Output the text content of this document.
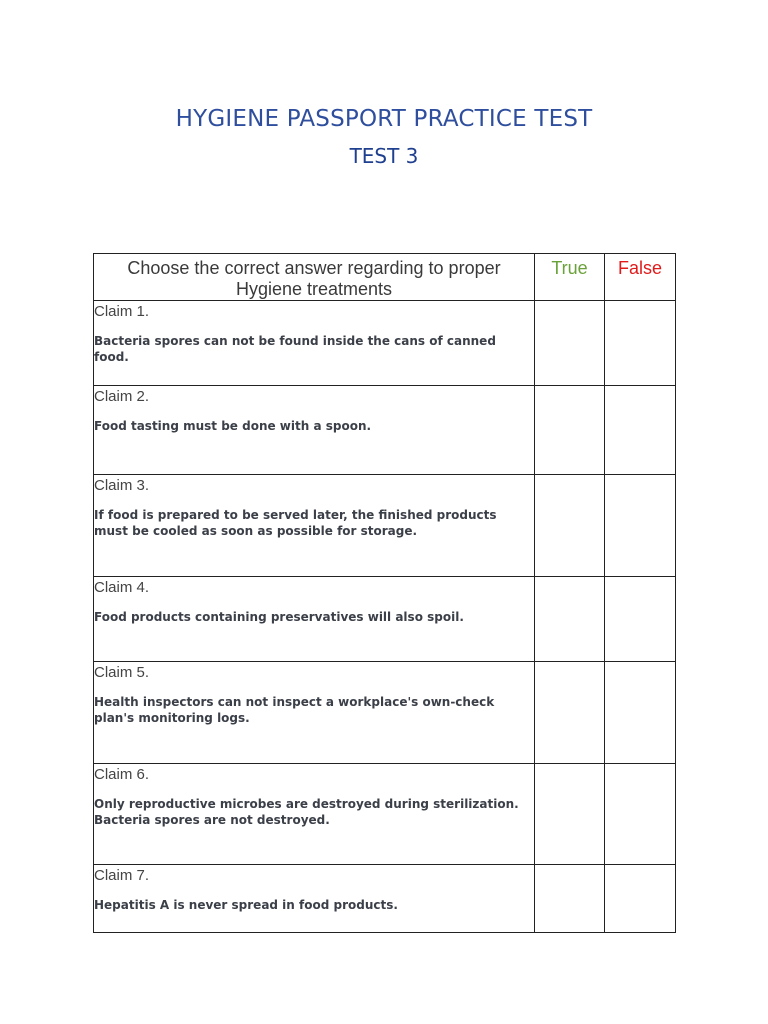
HYGIENE PASSPORT PRACTICE TEST
TEST 3
Choose the correct answer regarding to proper Hygiene treatments	True	False

Claim 1.
Bacteria spores can not be found inside the cans of canned food.		

Claim 2.
Food tasting must be done with a spoon.		

Claim 3.
If food is prepared to be served later, the finished products must be cooled as soon as possible for storage.		

Claim 4.
Food products containing preservatives will also spoil.		

Claim 5.
Health inspectors can not inspect a workplace's own-check plan's monitoring logs.		

Claim 6.
Only reproductive microbes are destroyed during sterilization. Bacteria spores are not destroyed.		

Claim 7.
Hepatitis A is never spread in food products.		
